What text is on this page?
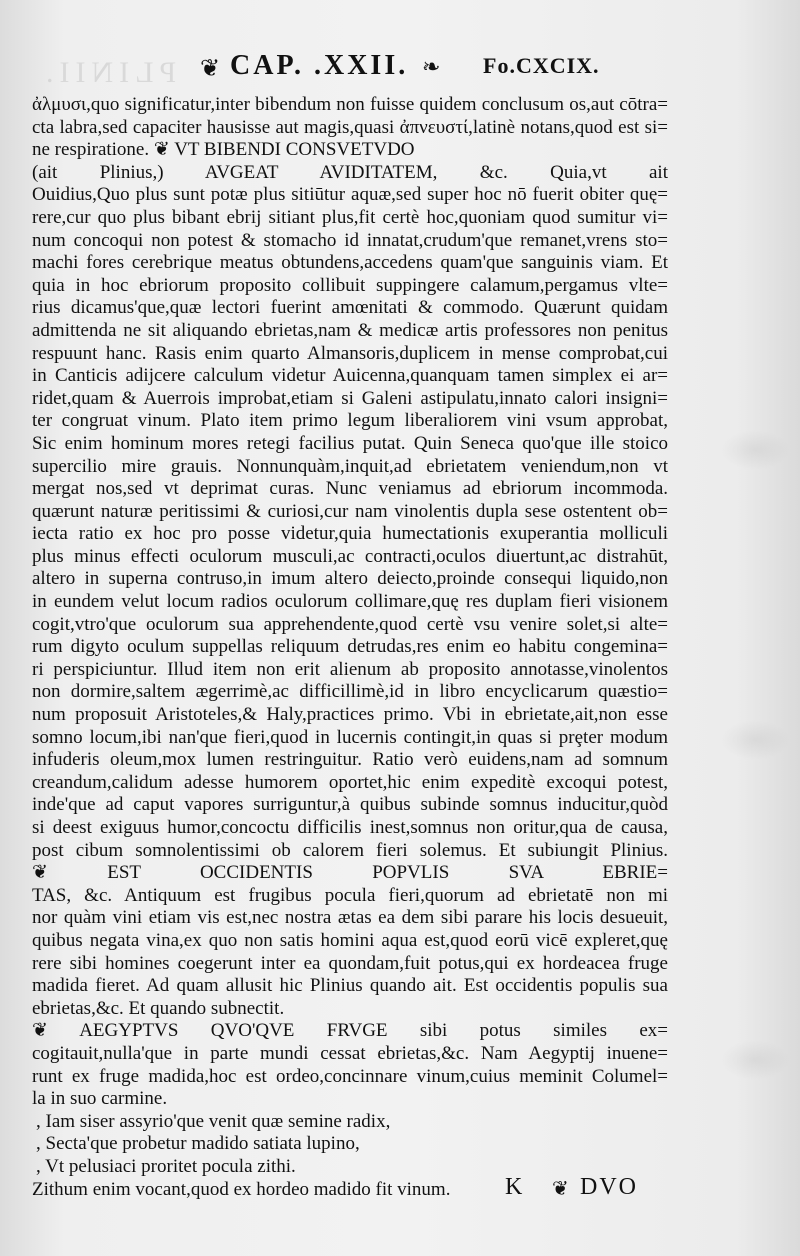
PLINII. ❦ CAP. .XXII. ❧ Fo.CXCIX.
ἀλμυσι,quo significatur,inter bibendum non fuisse quidem conclusum os,aut cōtra=
cta labra,sed capaciter hausisse aut magis,quasi ἀπνευστί,latinè notans,quod est si=
ne respiratione. ❦ VT BIBENDI CONSVETVDO
(ait Plinius,) AVGEAT AVIDITATEM, &c. Quia,vt ait
Ouidius,Quo plus sunt potæ plus sitiūtur aquæ,sed super hoc nō fuerit obiter quę=
rere,cur quo plus bibant ebrij sitiant plus,fit certè hoc,quoniam quod sumitur vi=
num concoqui non potest & stomacho id innatat,crudum'que remanet,vrens sto=
machi fores cerebrique meatus obtundens,accedens quam'que sanguinis viam. Et
quia in hoc ebriorum proposito collibuit suppingere calamum,pergamus vlte=
rius dicamus'que,quæ lectori fuerint amœnitati & commodo. Quærunt quidam
admittenda ne sit aliquando ebrietas,nam & medicæ artis professores non penitus
respuunt hanc. Rasis enim quarto Almansoris,duplicem in mense comprobat,cui
in Canticis adijcere calculum videtur Auicenna,quanquam tamen simplex ei ar=
ridet,quam & Auerrois improbat,etiam si Galeni astipulatu,innato calori insigni=
ter congruat vinum. Plato item primo legum liberaliorem vini vsum approbat,
Sic enim hominum mores retegi facilius putat. Quin Seneca quo'que ille stoico
supercilio mire grauis. Nonnunquàm,inquit,ad ebrietatem veniendum,non vt
mergat nos,sed vt deprimat curas. Nunc veniamus ad ebriorum incommoda.
quærunt naturæ peritissimi & curiosi,cur nam vinolentis dupla sese ostentent ob=
iecta ratio ex hoc pro posse videtur,quia humectationis exuperantia molliculi
plus minus effecti oculorum musculi,ac contracti,oculos diuertunt,ac distrahūt,
altero in superna contruso,in imum altero deiecto,proinde consequi liquido,non
in eundem velut locum radios oculorum collimare,quę res duplam fieri visionem
cogit,vtro'que oculorum sua apprehendente,quod certè vsu venire solet,si alte=
rum digyto oculum suppellas reliquum detrudas,res enim eo habitu congemina=
ri perspiciuntur. Illud item non erit alienum ab proposito annotasse,vinolentos
non dormire,saltem ægerrimè,ac difficillimè,id in libro encyclicarum quæstio=
num proposuit Aristoteles,& Haly,practices primo. Vbi in ebrietate,ait,non esse
somno locum,ibi nan'que fieri,quod in lucernis contingit,in quas si prȩter modum
infuderis oleum,mox lumen restringuitur. Ratio verò euidens,nam ad somnum
creandum,calidum adesse humorem oportet,hic enim expeditè excoqui potest,
inde'que ad caput vapores surriguntur,à quibus subinde somnus inducitur,quòd
si deest exiguus humor,concoctu difficilis inest,somnus non oritur,qua de causa,
post cibum somnolentissimi ob calorem fieri solemus. Et subiungit Plinius.
❦ EST OCCIDENTIS POPVLIS SVA EBRIE=
TAS, &c. Antiquum est frugibus pocula fieri,quorum ad ebrietatē non mi
nor quàm vini etiam vis est,nec nostra ætas ea dem sibi parare his locis desueuit,
quibus negata vina,ex quo non satis homini aqua est,quod eorū vicē expleret,quę
rere sibi homines coegerunt inter ea quondam,fuit potus,qui ex hordeacea fruge
madida fieret. Ad quam allusit hic Plinius quando ait. Est occidentis populis sua
ebrietas,&c. Et quando subnectit.
❦ AEGYPTVS QVO'QVE FRVGE sibi potus similes ex=
cogitauit,nulla'que in parte mundi cessat ebrietas,&c. Nam Aegyptij inuene=
runt ex fruge madida,hoc est ordeo,concinnare vinum,cuius meminit Columel=
la in suo carmine.
, Iam siser assyrio'que venit quæ semine radix,
, Secta'que probetur madido satiata lupino,
, Vt pelusiaci proritet pocula zithi.
Zithum enim vocant,quod ex hordeo madido fit vinum.	K ❦ DVO
